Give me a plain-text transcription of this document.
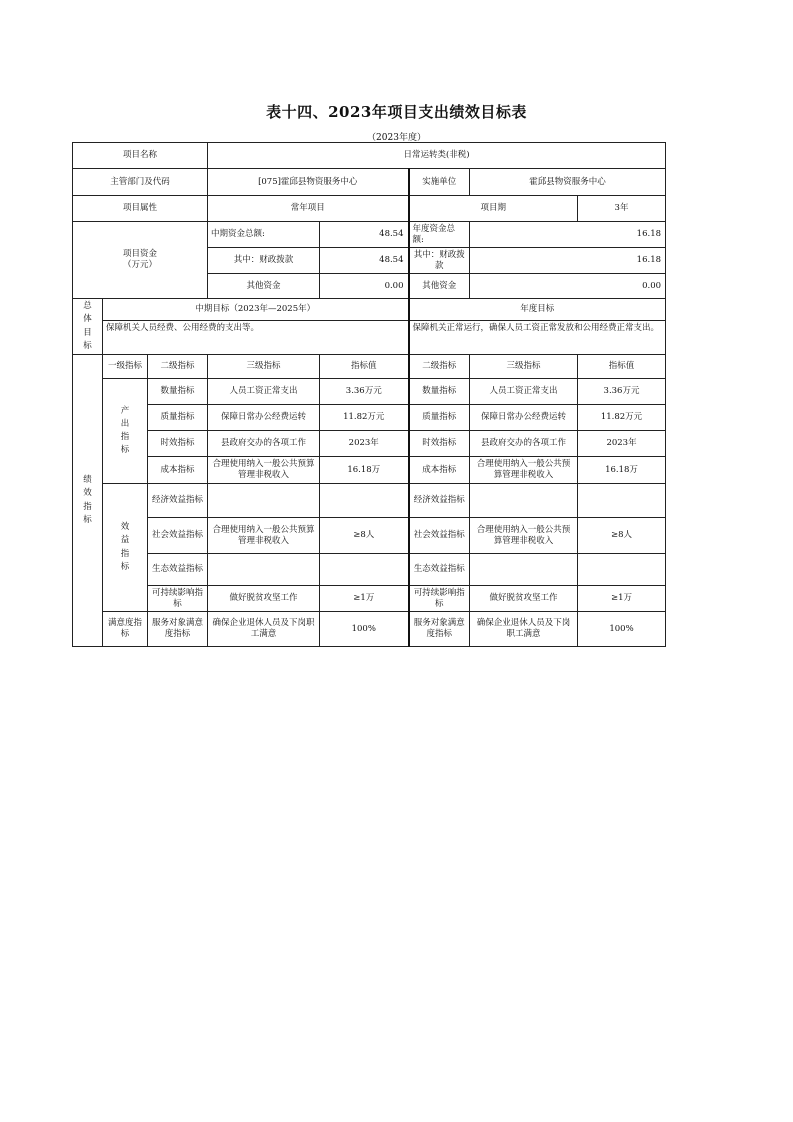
表十四、2023年项目支出绩效目标表
（2023年度）
项目名称			日常运转类(非税)				
主管部门及代码			[075]霍邱县物资服务中心		实施单位	霍邱县物资服务中心	
项目属性			常年项目		项目期		3年

项目资金
（万元）			中期资金总额:	48.54	年度资金总额:	16.18	
			其中：财政拨款	48.54	其中：财政拨款	16.18	
			其他资金	0.00	其他资金	0.00	

总
体
目
标	中期目标（2023年—2025年）				年度目标		
	保障机关人员经费、公用经费的支出等。				保障机关正常运行，确保人员工资正常发放和公用经费正常支出。		

绩
效
指
标	一级指标	二级指标	三级指标	指标值	二级指标	三级指标	指标值

	产
出
指
标	数量指标	人员工资正常支出	3.36万元	数量指标	人员工资正常支出	3.36万元
		质量指标	保障日常办公经费运转	11.82万元	质量指标	保障日常办公经费运转	11.82万元
		时效指标	县政府交办的各项工作	2023年	时效指标	县政府交办的各项工作	2023年
		成本指标	合理使用纳入一般公共预算管理非税收入	16.18万	成本指标	合理使用纳入一般公共预算管理非税收入	16.18万

	效
益
指
标	经济效益指标			经济效益指标		
		社会效益指标	合理使用纳入一般公共预算管理非税收入	≥8人	社会效益指标	合理使用纳入一般公共预算管理非税收入	≥8人
		生态效益指标			生态效益指标		
		可持续影响指标	做好脱贫攻坚工作	≥1万	可持续影响指标	做好脱贫攻坚工作	≥1万
	满意度指标	服务对象满意度指标	确保企业退休人员及下岗职工满意	100%	服务对象满意度指标	确保企业退休人员及下岗职工满意	100%
